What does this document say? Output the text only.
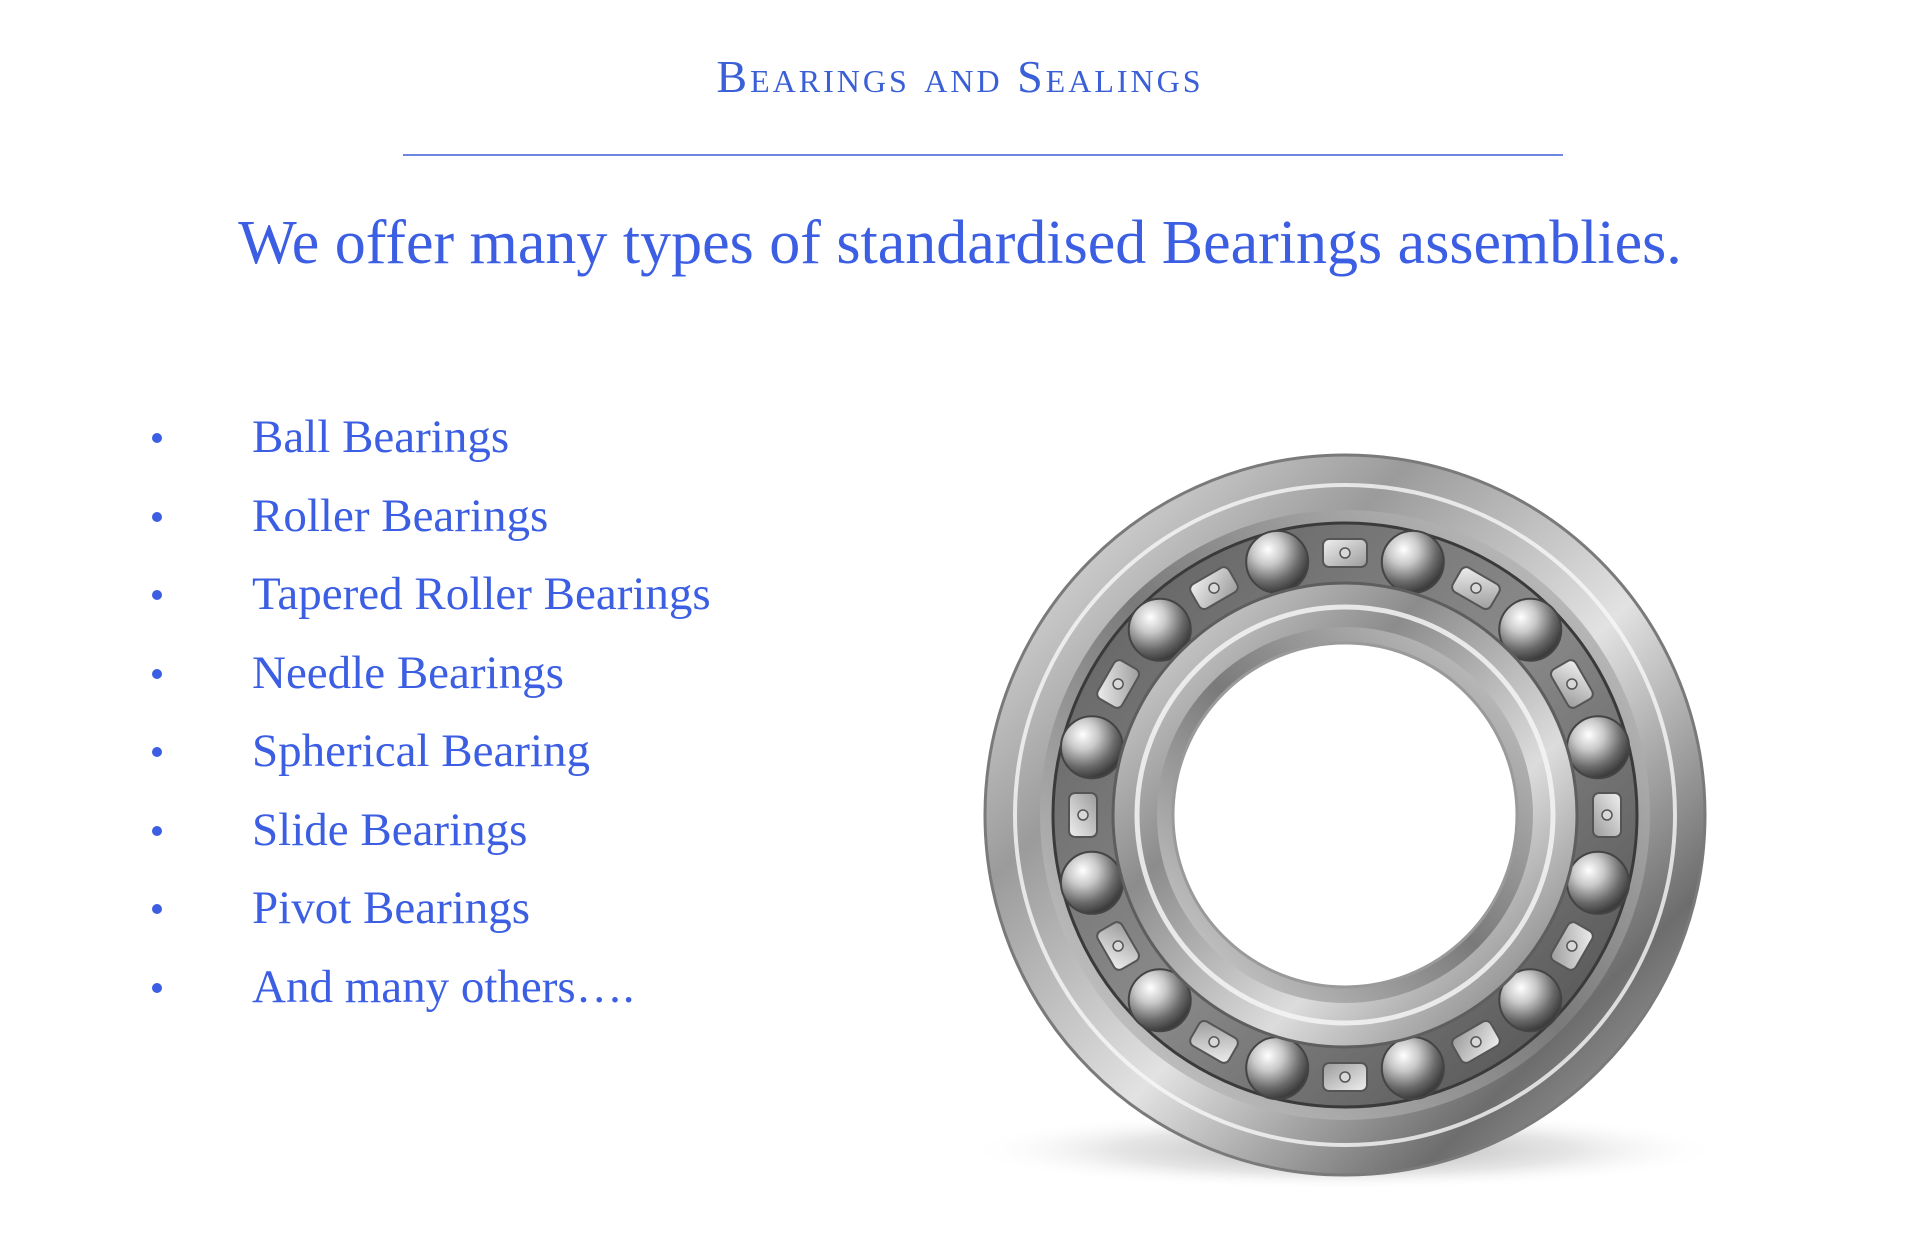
Bearings and Sealings
We offer many types of standardised Bearings assemblies.
Ball Bearings
Roller Bearings
Tapered Roller Bearings
Needle Bearings
Spherical Bearing
Slide Bearings
Pivot Bearings
And many others….
